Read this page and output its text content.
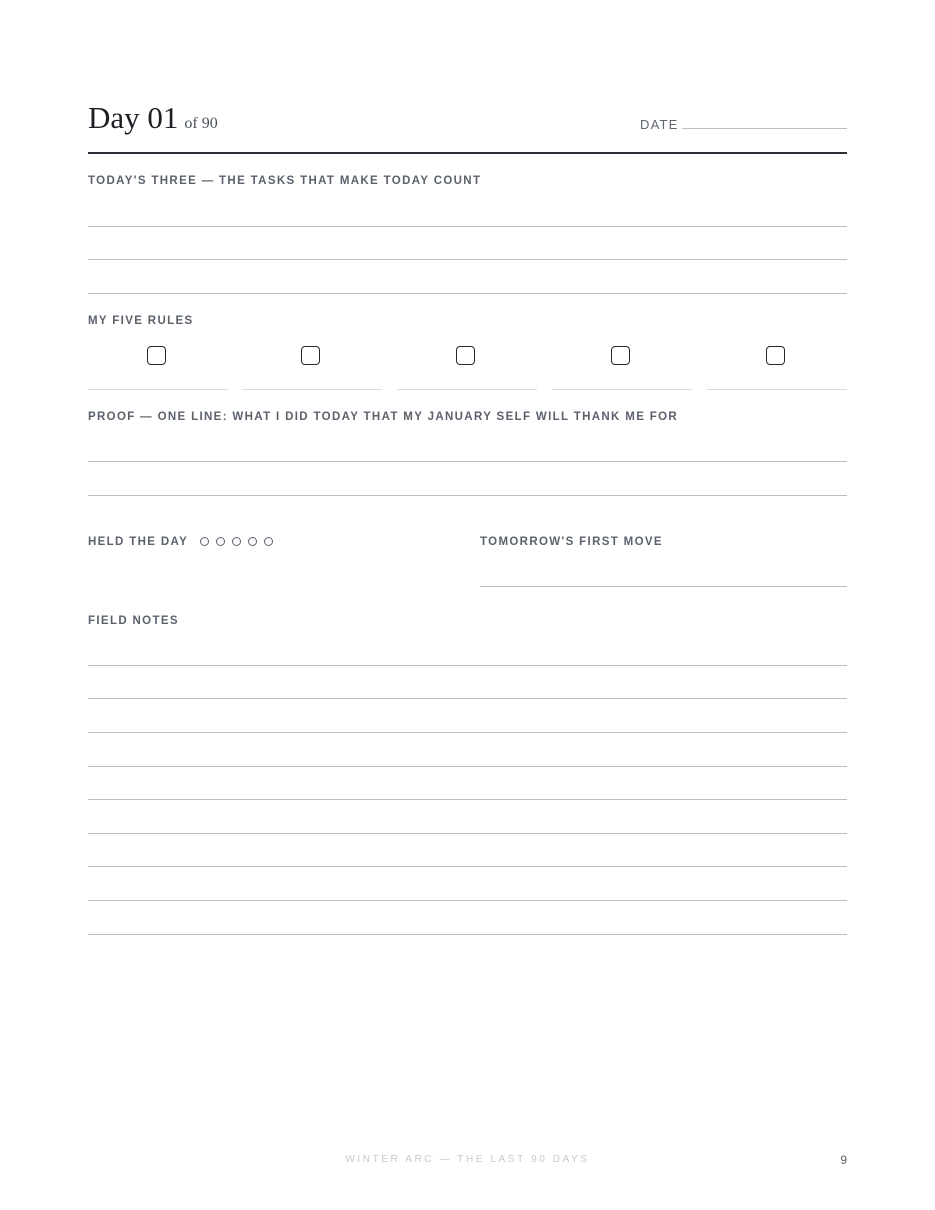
Day 01 of 90	DATE
TODAY'S THREE — THE TASKS THAT MAKE TODAY COUNT
MY FIVE RULES
PROOF — ONE LINE: WHAT I DID TODAY THAT MY JANUARY SELF WILL THANK ME FOR
HELD THE DAY	TOMORROW'S FIRST MOVE
FIELD NOTES
WINTER ARC — THE LAST 90 DAYS	9
